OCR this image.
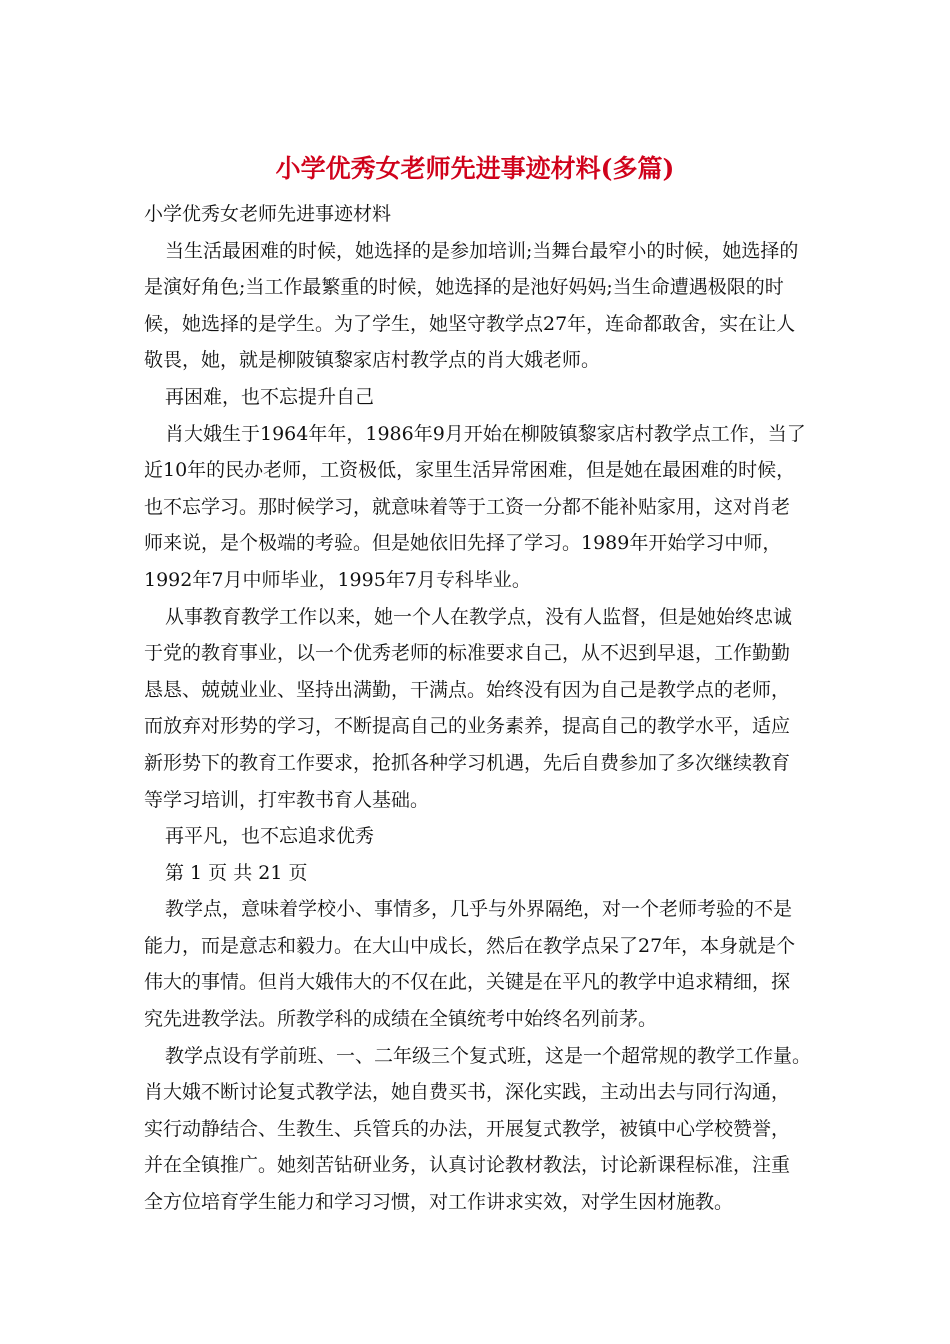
小学优秀女老师先进事迹材料(多篇)
小学优秀女老师先进事迹材料
当生活最困难的时候，她选择的是参加培训;当舞台最窄小的时候，她选择的
是演好角色;当工作最繁重的时候，她选择的是池好妈妈;当生命遭遇极限的时
候，她选择的是学生。为了学生，她坚守教学点27年，连命都敢舍，实在让人
敬畏，她，就是柳陂镇黎家店村教学点的肖大娥老师。
再困难，也不忘提升自己
肖大娥生于1964年年，1986年9月开始在柳陂镇黎家店村教学点工作，当了
近10年的民办老师，工资极低，家里生活异常困难，但是她在最困难的时候，
也不忘学习。那时候学习，就意味着等于工资一分都不能补贴家用，这对肖老
师来说，是个极端的考验。但是她依旧先择了学习。1989年开始学习中师，
1992年7月中师毕业，1995年7月专科毕业。
从事教育教学工作以来，她一个人在教学点，没有人监督，但是她始终忠诚
于党的教育事业，以一个优秀老师的标准要求自己，从不迟到早退，工作勤勤
恳恳、兢兢业业、坚持出满勤，干满点。始终没有因为自己是教学点的老师，
而放弃对形势的学习，不断提高自己的业务素养，提高自己的教学水平，适应
新形势下的教育工作要求，抢抓各种学习机遇，先后自费参加了多次继续教育
等学习培训，打牢教书育人基础。
再平凡，也不忘追求优秀
第 1 页 共 21 页
教学点，意味着学校小、事情多，几乎与外界隔绝，对一个老师考验的不是
能力，而是意志和毅力。在大山中成长，然后在教学点呆了27年，本身就是个
伟大的事情。但肖大娥伟大的不仅在此，关键是在平凡的教学中追求精细，探
究先进教学法。所教学科的成绩在全镇统考中始终名列前茅。
教学点设有学前班、一、二年级三个复式班，这是一个超常规的教学工作量。
肖大娥不断讨论复式教学法，她自费买书，深化实践，主动出去与同行沟通，
实行动静结合、生教生、兵管兵的办法，开展复式教学，被镇中心学校赞誉，
并在全镇推广。她刻苦钻研业务，认真讨论教材教法，讨论新课程标准，注重
全方位培育学生能力和学习习惯，对工作讲求实效，对学生因材施教。
